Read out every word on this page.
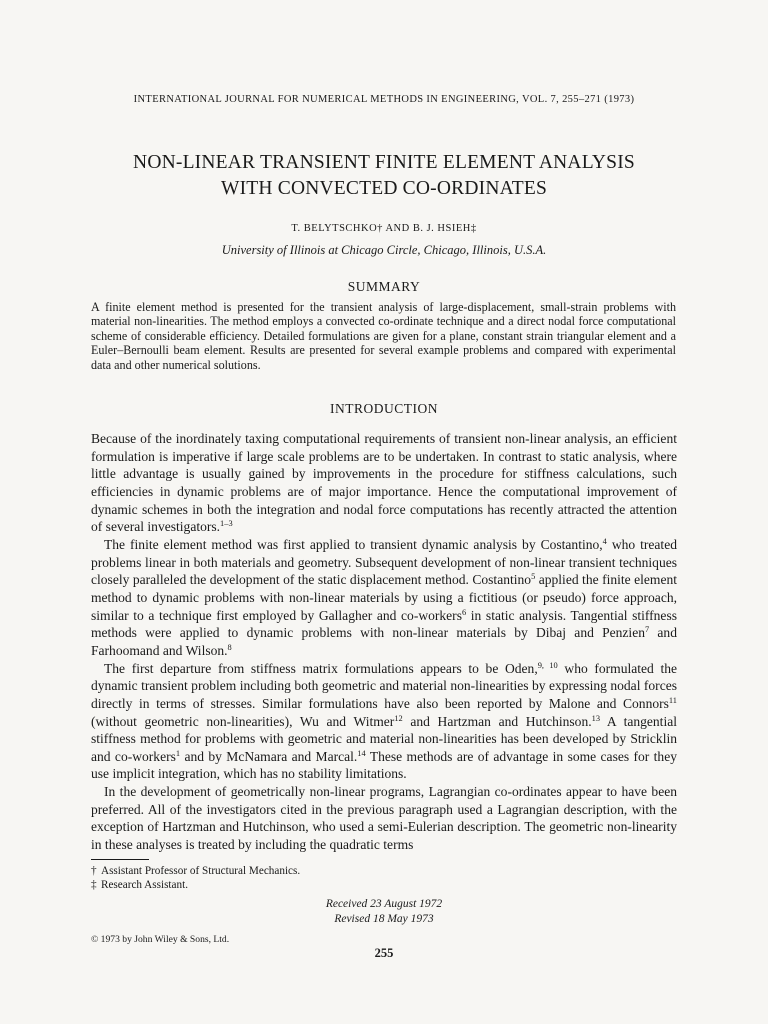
INTERNATIONAL JOURNAL FOR NUMERICAL METHODS IN ENGINEERING, VOL. 7, 255–271 (1973)
NON-LINEAR TRANSIENT FINITE ELEMENT ANALYSIS
WITH CONVECTED CO-ORDINATES
T. BELYTSCHKO† AND B. J. HSIEH‡
University of Illinois at Chicago Circle, Chicago, Illinois, U.S.A.
SUMMARY
A finite element method is presented for the transient analysis of large-displacement, small-strain problems with material non-linearities. The method employs a convected co-ordinate technique and a direct nodal force computational scheme of considerable efficiency. Detailed formulations are given for a plane, constant strain triangular element and a Euler–Bernoulli beam element. Results are presented for several example problems and compared with experimental data and other numerical solutions.
INTRODUCTION

Because of the inordinately taxing computational requirements of transient non-linear analysis, an efficient formulation is imperative if large scale problems are to be undertaken. In contrast to static analysis, where little advantage is usually gained by improvements in the procedure for stiffness calculations, such efficiencies in dynamic problems are of major importance. Hence the computational improvement of dynamic schemes in both the integration and nodal force computations has recently attracted the attention of several investigators.$^{1-3}$

The finite element method was first applied to transient dynamic analysis by Costantino,$^4$ who treated problems linear in both materials and geometry. Subsequent development of non-linear transient techniques closely paralleled the development of the static displacement method. Costantino$^5$ applied the finite element method to dynamic problems with non-linear materials by using a fictitious (or pseudo) force approach, similar to a technique first employed by Gallagher and co-workers$^6$ in static analysis. Tangential stiffness methods were applied to dynamic problems with non-linear materials by Dibaj and Penzien$^7$ and Farhoomand and Wilson.$^8$

The first departure from stiffness matrix formulations appears to be Oden,$^{9, 10}$ who formulated the dynamic transient problem including both geometric and material non-linearities by expressing nodal forces directly in terms of stresses. Similar formulations have also been reported by Malone and Connors$^{11}$ (without geometric non-linearities), Wu and Witmer$^{12}$ and Hartzman and Hutchinson.$^{13}$ A tangential stiffness method for problems with geometric and material non-linearities has been developed by Stricklin and co-workers$^1$ and by McNamara and Marcal.$^{14}$ These methods are of advantage in some cases for they use implicit integration, which has no stability limitations.

In the development of geometrically non-linear programs, Lagrangian co-ordinates appear to have been preferred. All of the investigators cited in the previous paragraph used a Lagrangian description, with the exception of Hartzman and Hutchinson, who used a semi-Eulerian description. The geometric non-linearity in these analyses is treated by including the quadratic terms

† Assistant Professor of Structural Mechanics.
‡ Research Assistant.
Received 23 August 1972
Revised 18 May 1973
© 1973 by John Wiley & Sons, Ltd.
255
